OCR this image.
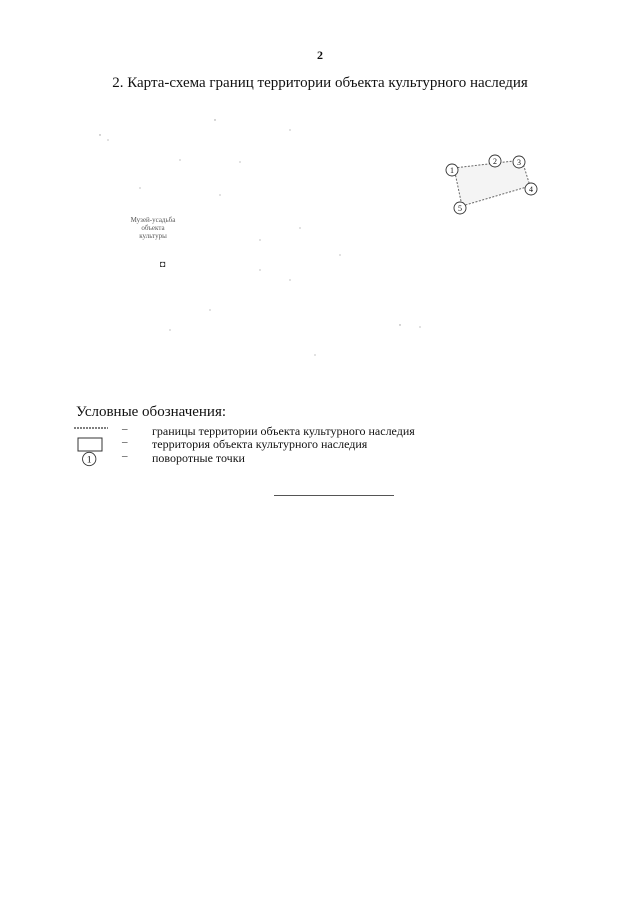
2
2. Карта-схема границ территории объекта культурного наследия
Музей-усадьба
объекта
культуры
◘
1
2	3
4
5
Условные обозначения:
– границы территории объекта культурного наследия
– территория объекта культурного наследия
1	– поворотные точки
